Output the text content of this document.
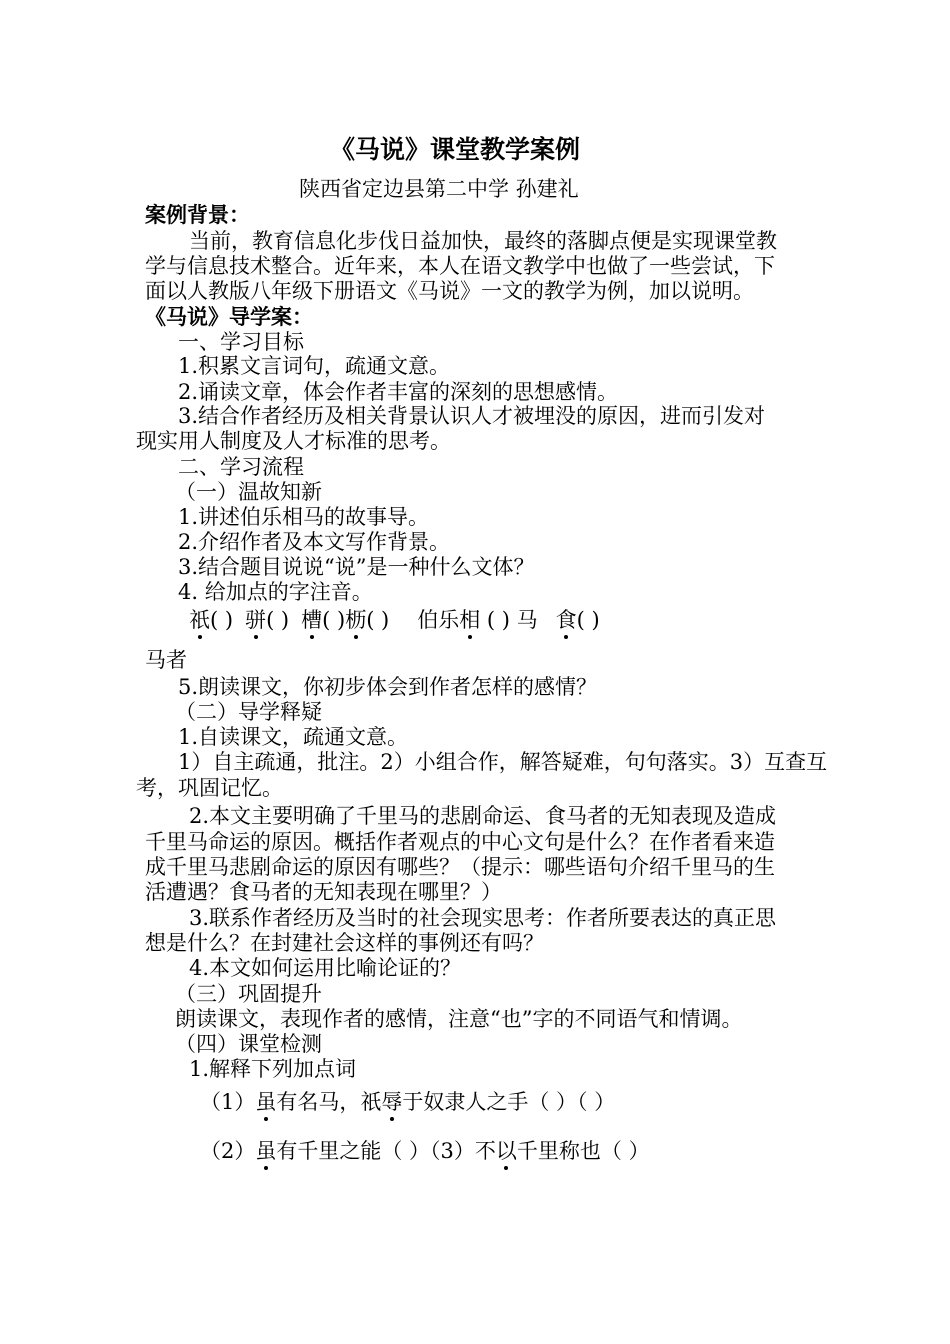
《马说》课堂教学案例
陕西省定边县第二中学 孙建礼
案例背景：
当前，教育信息化步伐日益加快，最终的落脚点便是实现课堂教
学与信息技术整合。近年来，本人在语文教学中也做了一些尝试，下
面以人教版八年级下册语文《马说》一文的教学为例，加以说明。
《马说》导学案：
一、学习目标
1.积累文言词句，疏通文意。
2.诵读文章，体会作者丰富的深刻的思想感情。
3.结合作者经历及相关背景认识人才被埋没的原因，进而引发对
现实用人制度及人才标准的思考。
二、学习流程
（一）温故知新
1.讲述伯乐相马的故事导。
2.介绍作者及本文写作背景。
3.结合题目说说“说”是一种什么文体？
4. 给加点的字注音。
祇( ) 骈( ) 槽( )枥( ) 伯乐相 ( ) 马 食( )
马者
5.朗读课文，你初步体会到作者怎样的感情？
（二）导学释疑
1.自读课文，疏通文意。
1）自主疏通，批注。2）小组合作，解答疑难，句句落实。3）互查互
考，巩固记忆。
2.本文主要明确了千里马的悲剧命运、食马者的无知表现及造成
千里马命运的原因。概括作者观点的中心文句是什么？在作者看来造
成千里马悲剧命运的原因有哪些？（提示：哪些语句介绍千里马的生
活遭遇？食马者的无知表现在哪里？）
3.联系作者经历及当时的社会现实思考：作者所要表达的真正思
想是什么？在封建社会这样的事例还有吗？
4.本文如何运用比喻论证的？
（三）巩固提升
朗读课文，表现作者的感情，注意“也”字的不同语气和情调。
（四）课堂检测
1.解释下列加点词
（1）虽有名马，祇辱于奴隶人之手（ ）（ ）
（2）虽有千里之能（ ）（3）不以千里称也（ ）
